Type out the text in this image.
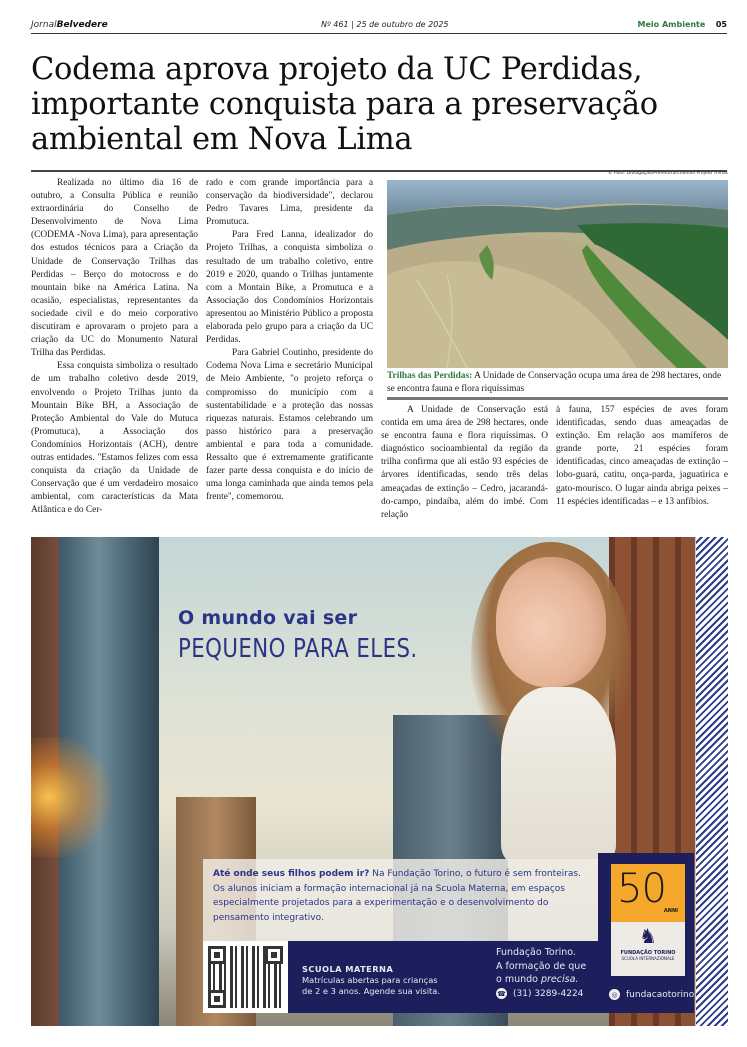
JornalBelvedere	Nº 461 | 25 de outubro de 2025	Meio Ambiente 05
Codema aprova projeto da UC Perdidas, importante conquista para a preservação ambiental em Nova Lima

Realizada no último dia 16 de outubro, a Consulta Pública e reunião extraordinária do Conselho de Desenvolvimento de Nova Lima (CODEMA -Nova Lima), para apresentação dos estudos técnicos para a Criação da Unidade de Conservação Trilhas das Perdidas – Berço do motocross e do mountain bike na América Latina. Na ocasião, especialistas, representantes da sociedade civil e do meio corporativo discutiram e aprovaram o projeto para a criação da UC do Monumento Natural Trilha das Perdidas.

Essa conquista simboliza o resultado de um trabalho coletivo desde 2019, envolvendo o Projeto Trilhas junto da Mountain Bike BH, a Associação de Proteção Ambiental do Vale do Mutuca (Promutuca), a Associação dos Condomínios Horizontais (ACH), dentre outras entidades. "Estamos felizes com essa conquista da criação da Unidade de Conservação que é um verdadeiro mosaico ambiental, com características da Mata Atlântica e do Cer-

rado e com grande importância para a conservação da biodiversidade", declarou Pedro Tavares Lima, presidente da Promutuca.

Para Fred Lanna, idealizador do Projeto Trilhas, a conquista simboliza o resultado de um trabalho coletivo, entre 2019 e 2020, quando o Trilhas juntamente com a Montain Bike, a Promutuca e a Associação dos Condomínios Horizontais apresentou ao Ministério Público a proposta elaborada pelo grupo para a criação da UC Perdidas.

Para Gabriel Coutinho, presidente do Codema Nova Lima e secretário Municipal de Meio Ambiente, "o projeto reforça o compromisso do município com a sustentabilidade e a proteção das nossas riquezas naturais. Estamos celebrando um passo histórico para a preservação ambiental e para toda a comunidade. Ressalto que é extremamente gratificante fazer parte dessa conquista e do início de uma longa caminhada que ainda temos pela frente", comemorou.

© Foto: Divulgação/Prefeitura/Coletivo Projeto Trilhas
Trilhas das Perdidas: A Unidade de Conservação ocupa uma área de 298 hectares, onde se encontra fauna e flora riquíssimas

A Unidade de Conservação está contida em uma área de 298 hectares, onde se encontra fauna e flora riquíssimas. O diagnóstico socioambiental da região da trilha confirma que ali estão 93 espécies de árvores identificadas, sendo três delas ameaçadas de extinção – Cedro, jacarandá-do-campo, pindaíba, além do imbé. Com relação

à fauna, 157 espécies de aves foram identificadas, sendo duas ameaçadas de extinção. Em relação aos mamíferos de grande porte, 21 espécies foram identificadas, cinco ameaçadas de extinção – lobo-guará, catitu, onça-parda, jaguatirica e gato-mourisco. O lugar ainda abriga peixes – 11 espécies identificadas – e 13 anfíbios.

O mundo vai ser
PEQUENO PARA ELES.
Até onde seus filhos podem ir? Na Fundação Torino, o futuro é sem fronteiras. Os alunos iniciam a formação internacional já na Scuola Materna, em espaços especialmente projetados para a experimentação e o desenvolvimento do pensamento integrativo.
SCUOLA MATERNA
Matrículas abertas para crianças
de 2 e 3 anos. Agende sua visita.
Fundação Torino.
A formação de que
o mundo precisa.
☎ (31) 3289-4224
50
ANNI
♞
FUNDAÇÃO TORINO
SCUOLA INTERNAZIONALE
◎ fundacaotorino
